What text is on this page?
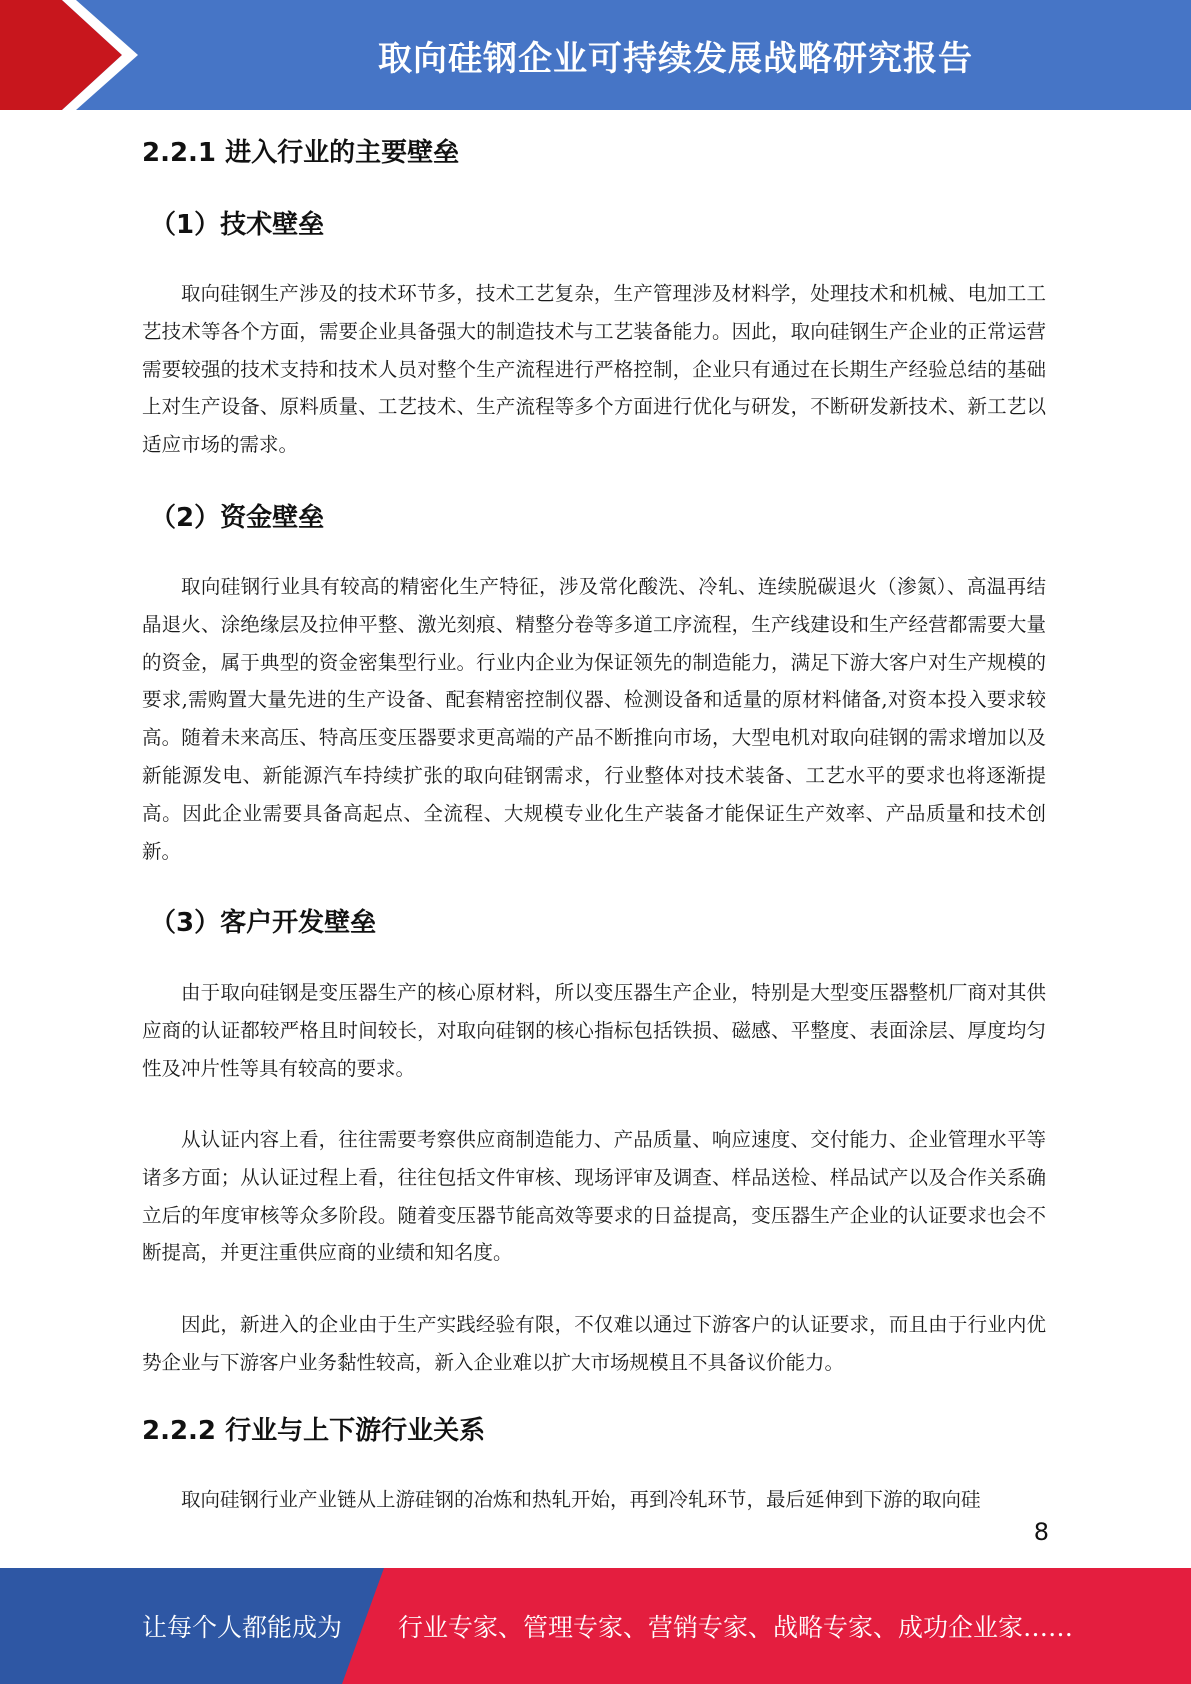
取向硅钢企业可持续发展战略研究报告
2.2.1 进入行业的主要壁垒
（1）技术壁垒

取向硅钢生产涉及的技术环节多，技术工艺复杂，生产管理涉及材料学，处理技术和机械、电加工工艺技术等各个方面，需要企业具备强大的制造技术与工艺装备能力。因此，取向硅钢生产企业的正常运营需要较强的技术支持和技术人员对整个生产流程进行严格控制，企业只有通过在长期生产经验总结的基础上对生产设备、原料质量、工艺技术、生产流程等多个方面进行优化与研发，不断研发新技术、新工艺以适应市场的需求。

（2）资金壁垒

取向硅钢行业具有较高的精密化生产特征，涉及常化酸洗、冷轧、连续脱碳退火（渗氮）、高温再结晶退火、涂绝缘层及拉伸平整、激光刻痕、精整分卷等多道工序流程，生产线建设和生产经营都需要大量的资金，属于典型的资金密集型行业。行业内企业为保证领先的制造能力，满足下游大客户对生产规模的要求,需购置大量先进的生产设备、配套精密控制仪器、检测设备和适量的原材料储备,对资本投入要求较高。随着未来高压、特高压变压器要求更高端的产品不断推向市场，大型电机对取向硅钢的需求增加以及新能源发电、新能源汽车持续扩张的取向硅钢需求，行业整体对技术装备、工艺水平的要求也将逐渐提高。因此企业需要具备高起点、全流程、大规模专业化生产装备才能保证生产效率、产品质量和技术创新。

（3）客户开发壁垒

由于取向硅钢是变压器生产的核心原材料，所以变压器生产企业，特别是大型变压器整机厂商对其供应商的认证都较严格且时间较长，对取向硅钢的核心指标包括铁损、磁感、平整度、表面涂层、厚度均匀性及冲片性等具有较高的要求。

从认证内容上看，往往需要考察供应商制造能力、产品质量、响应速度、交付能力、企业管理水平等诸多方面；从认证过程上看，往往包括文件审核、现场评审及调查、样品送检、样品试产以及合作关系确立后的年度审核等众多阶段。随着变压器节能高效等要求的日益提高，变压器生产企业的认证要求也会不断提高，并更注重供应商的业绩和知名度。

因此，新进入的企业由于生产实践经验有限，不仅难以通过下游客户的认证要求，而且由于行业内优势企业与下游客户业务黏性较高，新入企业难以扩大市场规模且不具备议价能力。

2.2.2 行业与上下游行业关系

取向硅钢行业产业链从上游硅钢的冶炼和热轧开始，再到冷轧环节，最后延伸到下游的取向硅

8
让每个人都能成为 行业专家、管理专家、营销专家、战略专家、成功企业家……
